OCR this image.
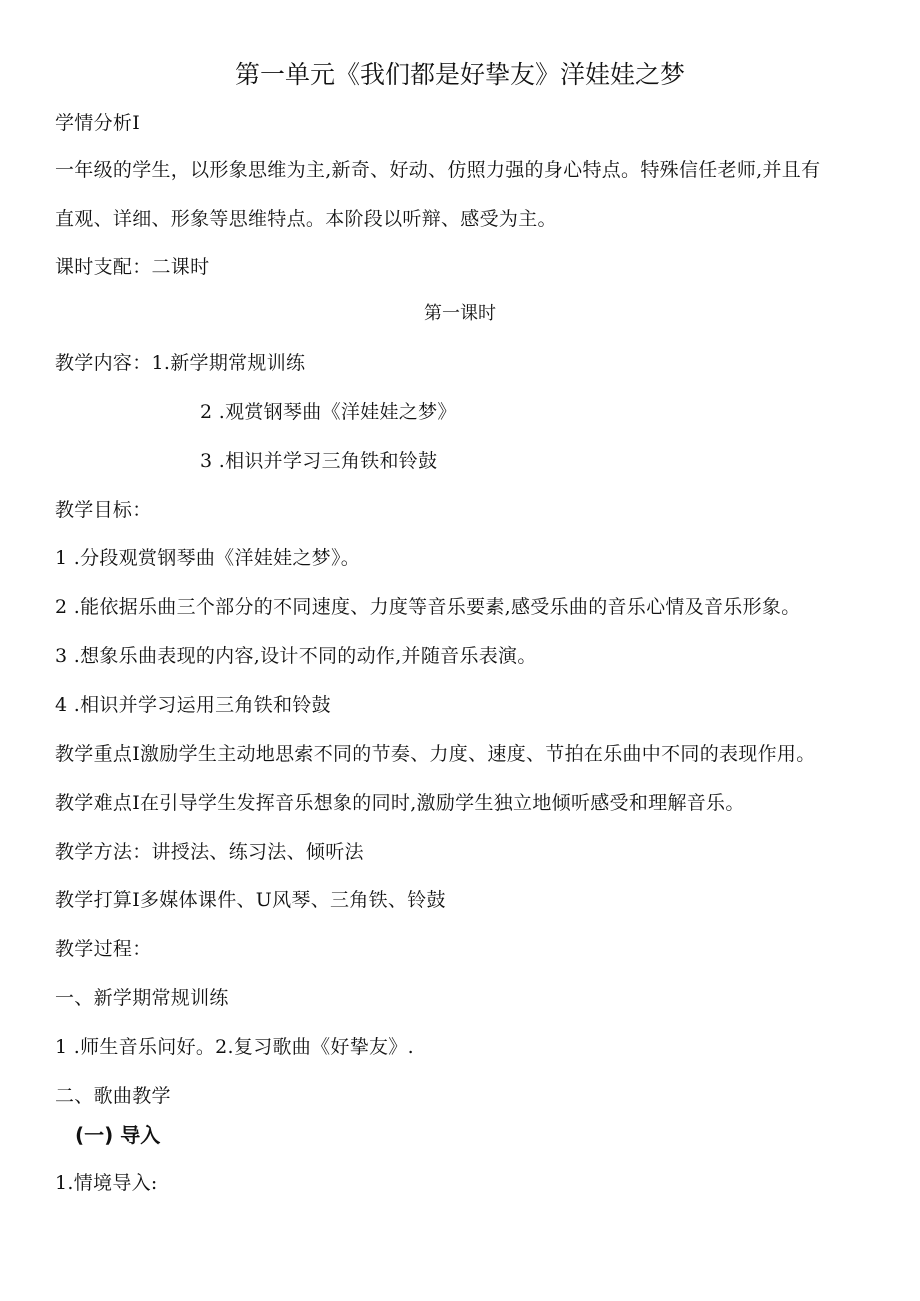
第一单元《我们都是好挚友》洋娃娃之梦
学情分析I
一年级的学生，以形象思维为主,新奇、好动、仿照力强的身心特点。特殊信任老师,并且有
直观、详细、形象等思维特点。本阶段以听辩、感受为主。
课时支配：二课时
第一课时
教学内容：1.新学期常规训练
2 .观赏钢琴曲《洋娃娃之梦》
3 .相识并学习三角铁和铃鼓
教学目标：
1 .分段观赏钢琴曲《洋娃娃之梦》。
2 .能依据乐曲三个部分的不同速度、力度等音乐要素,感受乐曲的音乐心情及音乐形象。
3 .想象乐曲表现的内容,设计不同的动作,并随音乐表演。
4 .相识并学习运用三角铁和铃鼓
教学重点I激励学生主动地思索不同的节奏、力度、速度、节拍在乐曲中不同的表现作用。
教学难点I在引导学生发挥音乐想象的同时,激励学生独立地倾听感受和理解音乐。
教学方法：讲授法、练习法、倾听法
教学打算I多媒体课件、U风琴、三角铁、铃鼓
教学过程：
一、新学期常规训练
1 .师生音乐问好。2.复习歌曲《好挚友》.
二、歌曲教学
(一) 导入
1.情境导入:
